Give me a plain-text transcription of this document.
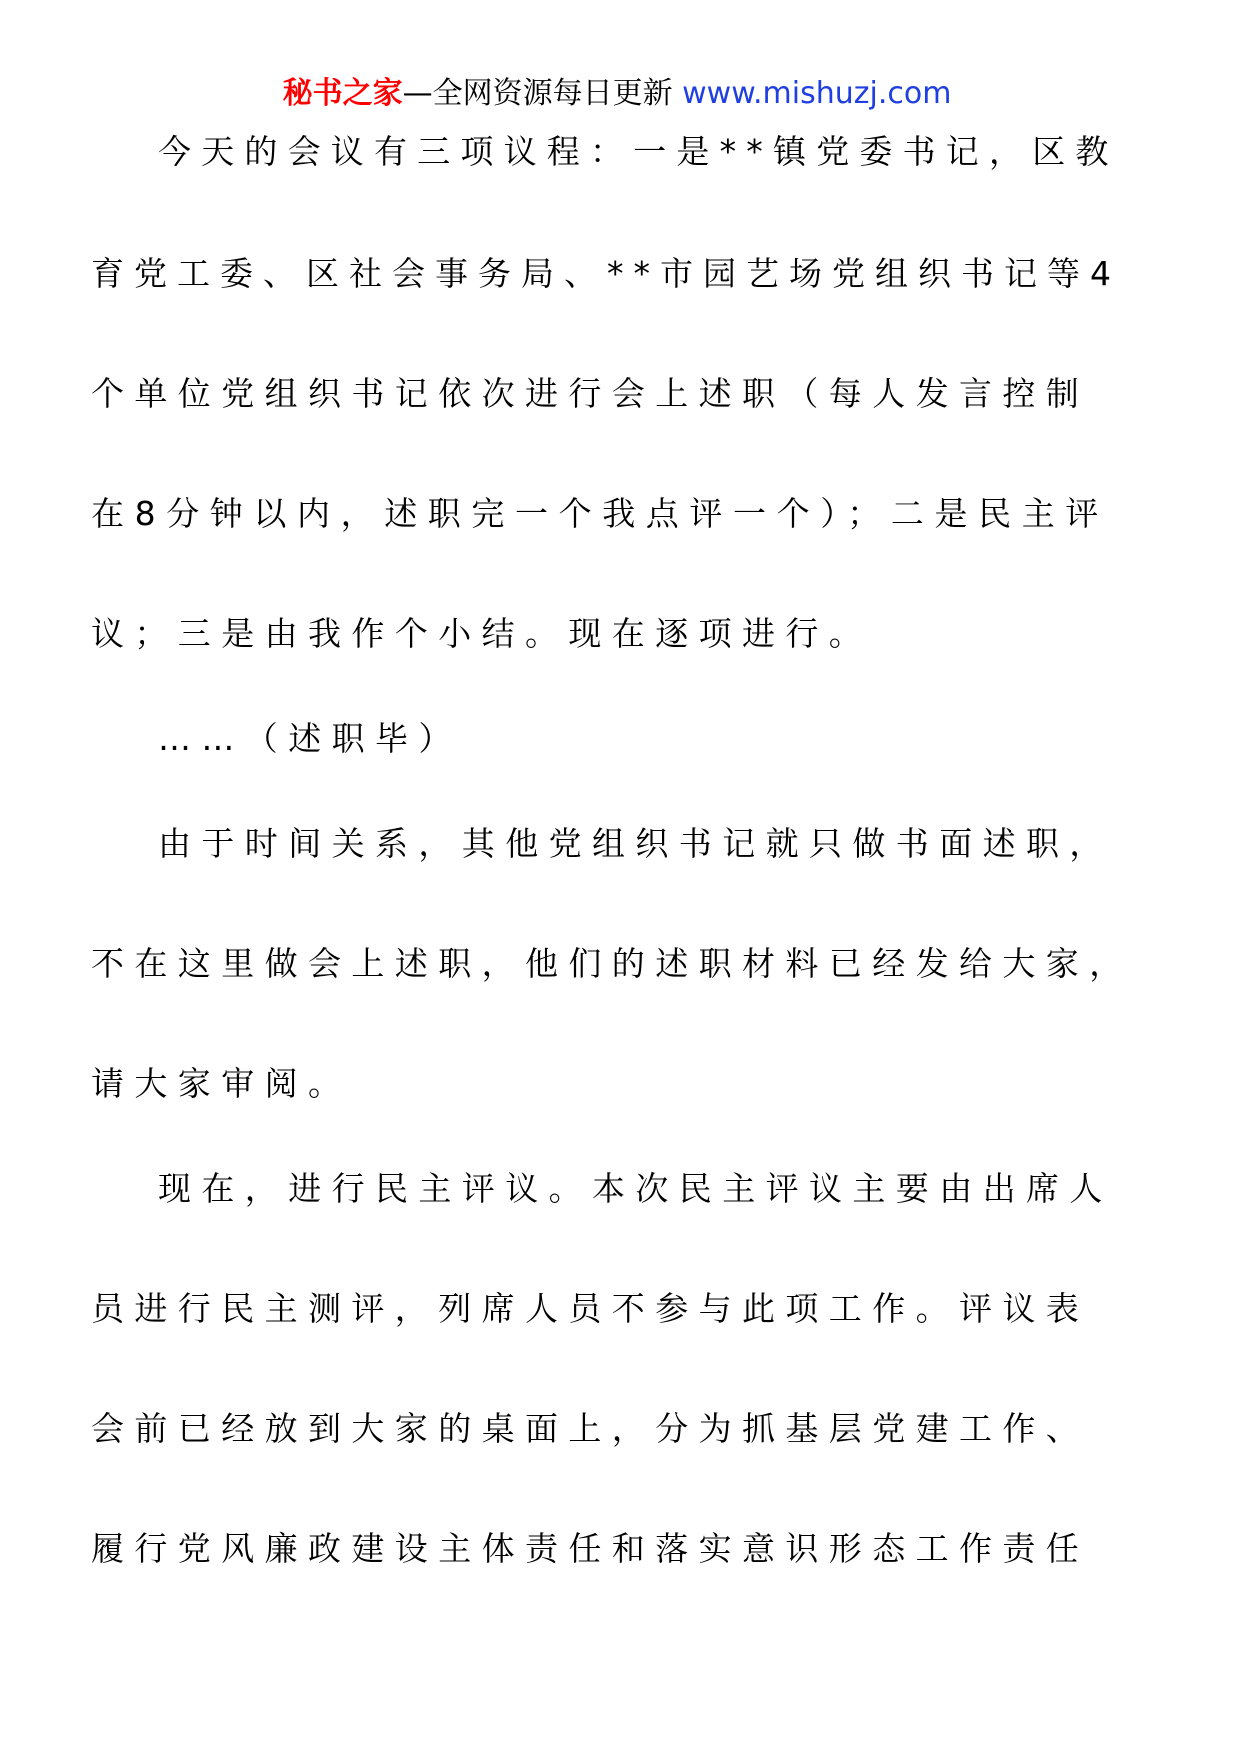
秘书之家—全网资源每日更新 www.mishuzj.com
今天的会议有三项议程：一是**镇党委书记，区教
育党工委、区社会事务局、**市园艺场党组织书记等4
个单位党组织书记依次进行会上述职（每人发言控制
在8分钟以内，述职完一个我点评一个）；二是民主评
议；三是由我作个小结。现在逐项进行。
……（述职毕）
由于时间关系，其他党组织书记就只做书面述职，
不在这里做会上述职，他们的述职材料已经发给大家，
请大家审阅。
现在，进行民主评议。本次民主评议主要由出席人
员进行民主测评，列席人员不参与此项工作。评议表
会前已经放到大家的桌面上，分为抓基层党建工作、
履行党风廉政建设主体责任和落实意识形态工作责任
